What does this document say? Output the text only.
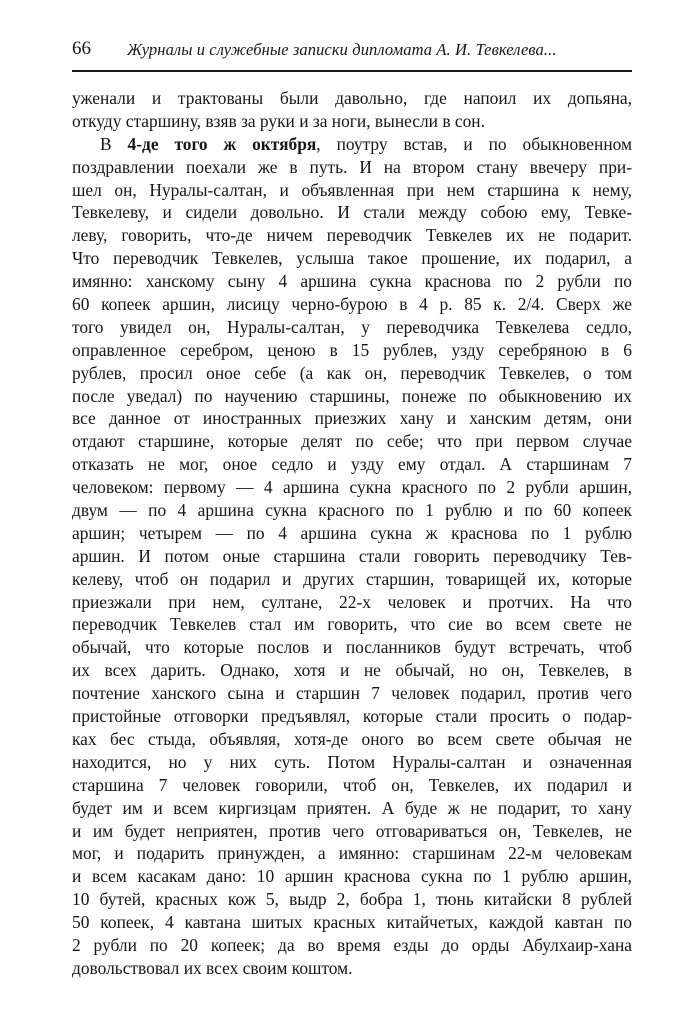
66 Журналы и служебные записки дипломата А. И. Тевкелева...
уженали и трактованы были давольно, где напоил их допьяна,
откуду старшину, взяв за руки и за ноги, вынесли в сон.
В 4-де того ж октября, поутру встав, и по обыкновенном
поздравлении поехали же в путь. И на втором стану ввечеру при-
шел он, Нуралы-салтан, и объявленная при нем старшина к нему,
Тевкелеву, и сидели довольно. И стали между собою ему, Тевке-
леву, говорить, что-де ничем переводчик Тевкелев их не подарит.
Что переводчик Тевкелев, услыша такое прошение, их подарил, а
имянно: ханскому сыну 4 аршина сукна краснова по 2 рубли по
60 копеек аршин, лисицу черно-бурою в 4 р. 85 к. 2/4. Сверх же
того увидел он, Нуралы-салтан, у переводчика Тевкелева седло,
оправленное серебром, ценою в 15 рублев, узду серебряною в 6
рублев, просил оное себе (а как он, переводчик Тевкелев, о том
после уведал) по научению старшины, понеже по обыкновению их
все данное от иностранных приезжих хану и ханским детям, они
отдают старшине, которые делят по себе; что при первом случае
отказать не мог, оное седло и узду ему отдал. А старшинам 7
человеком: первому — 4 аршина сукна красного по 2 рубли аршин,
двум — по 4 аршина сукна красного по 1 рублю и по 60 копеек
аршин; четырем — по 4 аршина сукна ж краснова по 1 рублю
аршин. И потом оные старшина стали говорить переводчику Тев-
келеву, чтоб он подарил и других старшин, товарищей их, которые
приезжали при нем, султане, 22-х человек и протчих. На что
переводчик Тевкелев стал им говорить, что сие во всем свете не
обычай, что которые послов и посланников будут встречать, чтоб
их всех дарить. Однако, хотя и не обычай, но он, Тевкелев, в
почтение ханского сына и старшин 7 человек подарил, против чего
пристойные отговорки предъявлял, которые стали просить о подар-
ках бес стыда, объявляя, хотя-де оного во всем свете обычая не
находится, но у них суть. Потом Нуралы-салтан и означенная
старшина 7 человек говорили, чтоб он, Тевкелев, их подарил и
будет им и всем киргизцам приятен. А буде ж не подарит, то хану
и им будет неприятен, против чего отговариваться он, Тевкелев, не
мог, и подарить принужден, а имянно: старшинам 22-м человекам
и всем касакам дано: 10 аршин краснова сукна по 1 рублю аршин,
10 бутей, красных кож 5, выдр 2, бобра 1, тюнь китайски 8 рублей
50 копеек, 4 кавтана шитых красных китайчетых, каждой кавтан по
2 рубли по 20 копеек; да во время езды до орды Абулхаир-хана
довольствовал их всех своим коштом.
